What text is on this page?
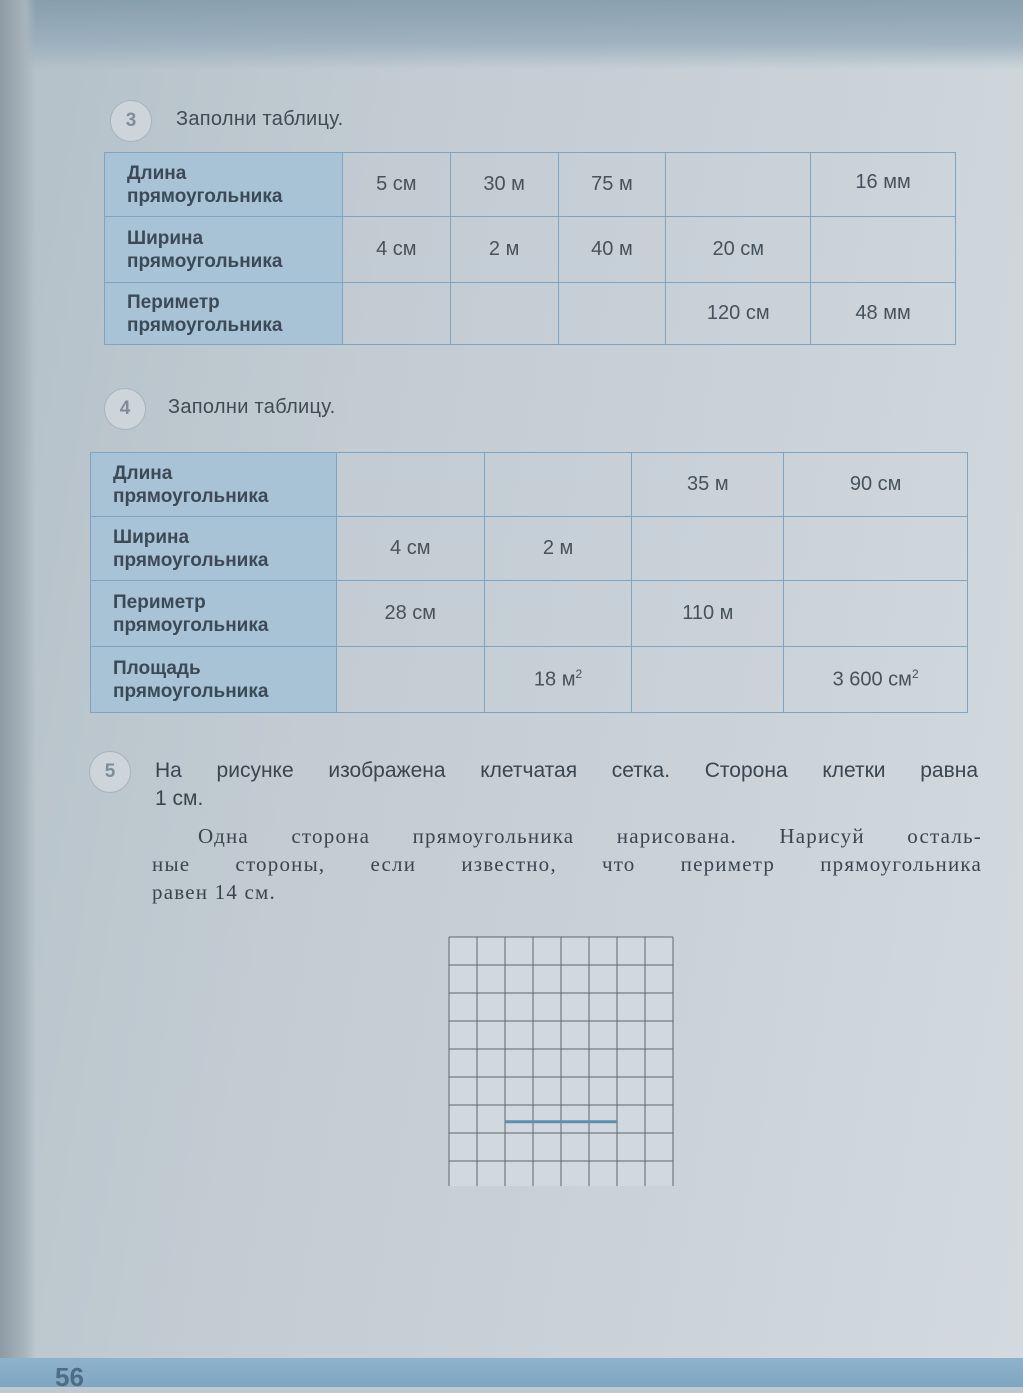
3	Заполни таблицу.
Длина
прямоугольника	5 см	30 м	75 м		16 мм

Ширина
прямоугольника	4 см	2 м	40 м	20 см	

Периметр
прямоугольника				120 см	48 мм
4	Заполни таблицу.
Длина
прямоугольника			35 м	90 см

Ширина
прямоугольника	4 см	2 м		

Периметр
прямоугольника	28 см		110 м	

Площадь
прямоугольника		18 $м^2$		3 600 $см^2$
5	На рисунке изображена клетчатая сетка. Сторона клетки равна
1 см.

Одна сторона прямоугольника нарисована. Нарисуй осталь-

ные стороны, если известно, что периметр прямоугольника

равен 14 см.

56
